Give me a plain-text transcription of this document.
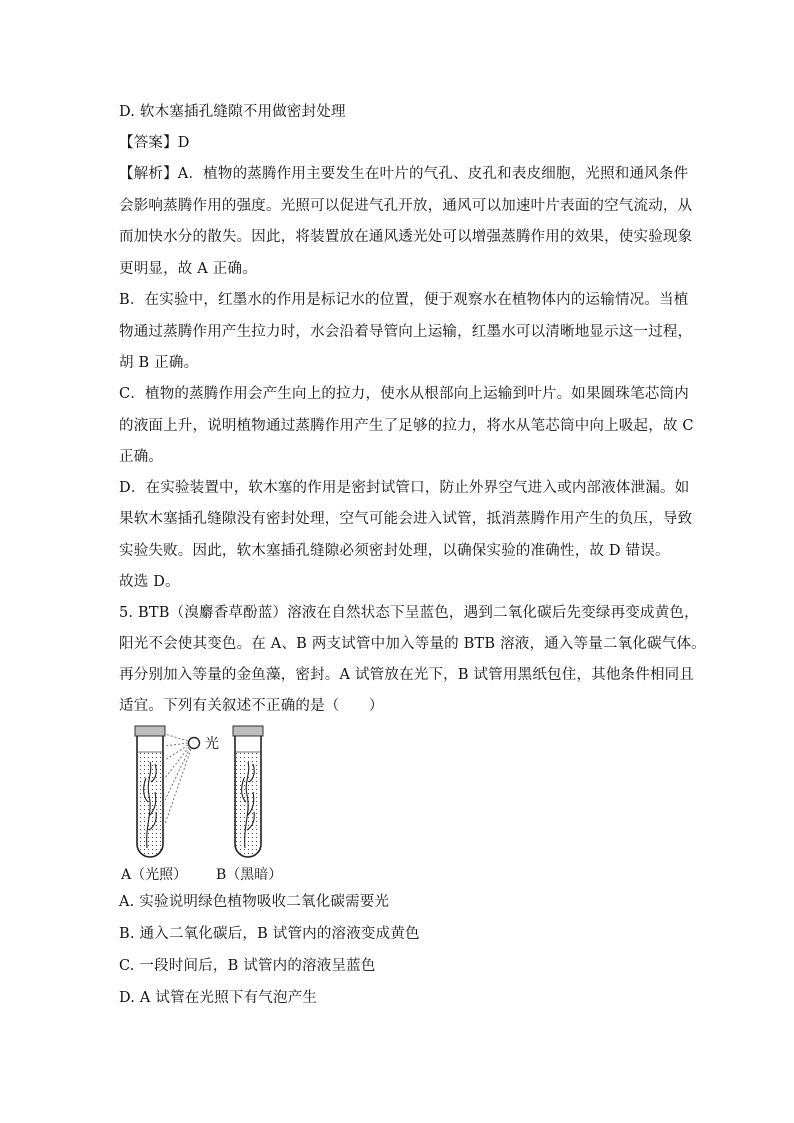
D. 软木塞插孔缝隙不用做密封处理
【答案】D
【解析】A．植物的蒸腾作用主要发生在叶片的气孔、皮孔和表皮细胞，光照和通风条件
会影响蒸腾作用的强度。光照可以促进气孔开放，通风可以加速叶片表面的空气流动，从
而加快水分的散失。因此，将装置放在通风透光处可以增强蒸腾作用的效果，使实验现象
更明显，故 A 正确。
B．在实验中，红墨水的作用是标记水的位置，便于观察水在植物体内的运输情况。当植
物通过蒸腾作用产生拉力时，水会沿着导管向上运输，红墨水可以清晰地显示这一过程，
胡 B 正确。
C．植物的蒸腾作用会产生向上的拉力，使水从根部向上运输到叶片。如果圆珠笔芯筒内
的液面上升，说明植物通过蒸腾作用产生了足够的拉力，将水从笔芯筒中向上吸起，故 C
正确。
D．在实验装置中，软木塞的作用是密封试管口，防止外界空气进入或内部液体泄漏。如
果软木塞插孔缝隙没有密封处理，空气可能会进入试管，抵消蒸腾作用产生的负压，导致
实验失败。因此，软木塞插孔缝隙必须密封处理，以确保实验的准确性，故 D 错误。
故选 D。
5. BTB（溴麝香草酚蓝）溶液在自然状态下呈蓝色，遇到二氧化碳后先变绿再变成黄色，
阳光不会使其变色。在 A、B 两支试管中加入等量的 BTB 溶液，通入等量二氧化碳气体。
再分别加入等量的金鱼藻，密封。A 试管放在光下，B 试管用黑纸包住，其他条件相同且
适宜。下列有关叙述不正确的是（　　）
光
A（光照） B（黑暗）
A. 实验说明绿色植物吸收二氧化碳需要光
B. 通入二氧化碳后，B 试管内的溶液变成黄色
C. 一段时间后，B 试管内的溶液呈蓝色
D. A 试管在光照下有气泡产生
